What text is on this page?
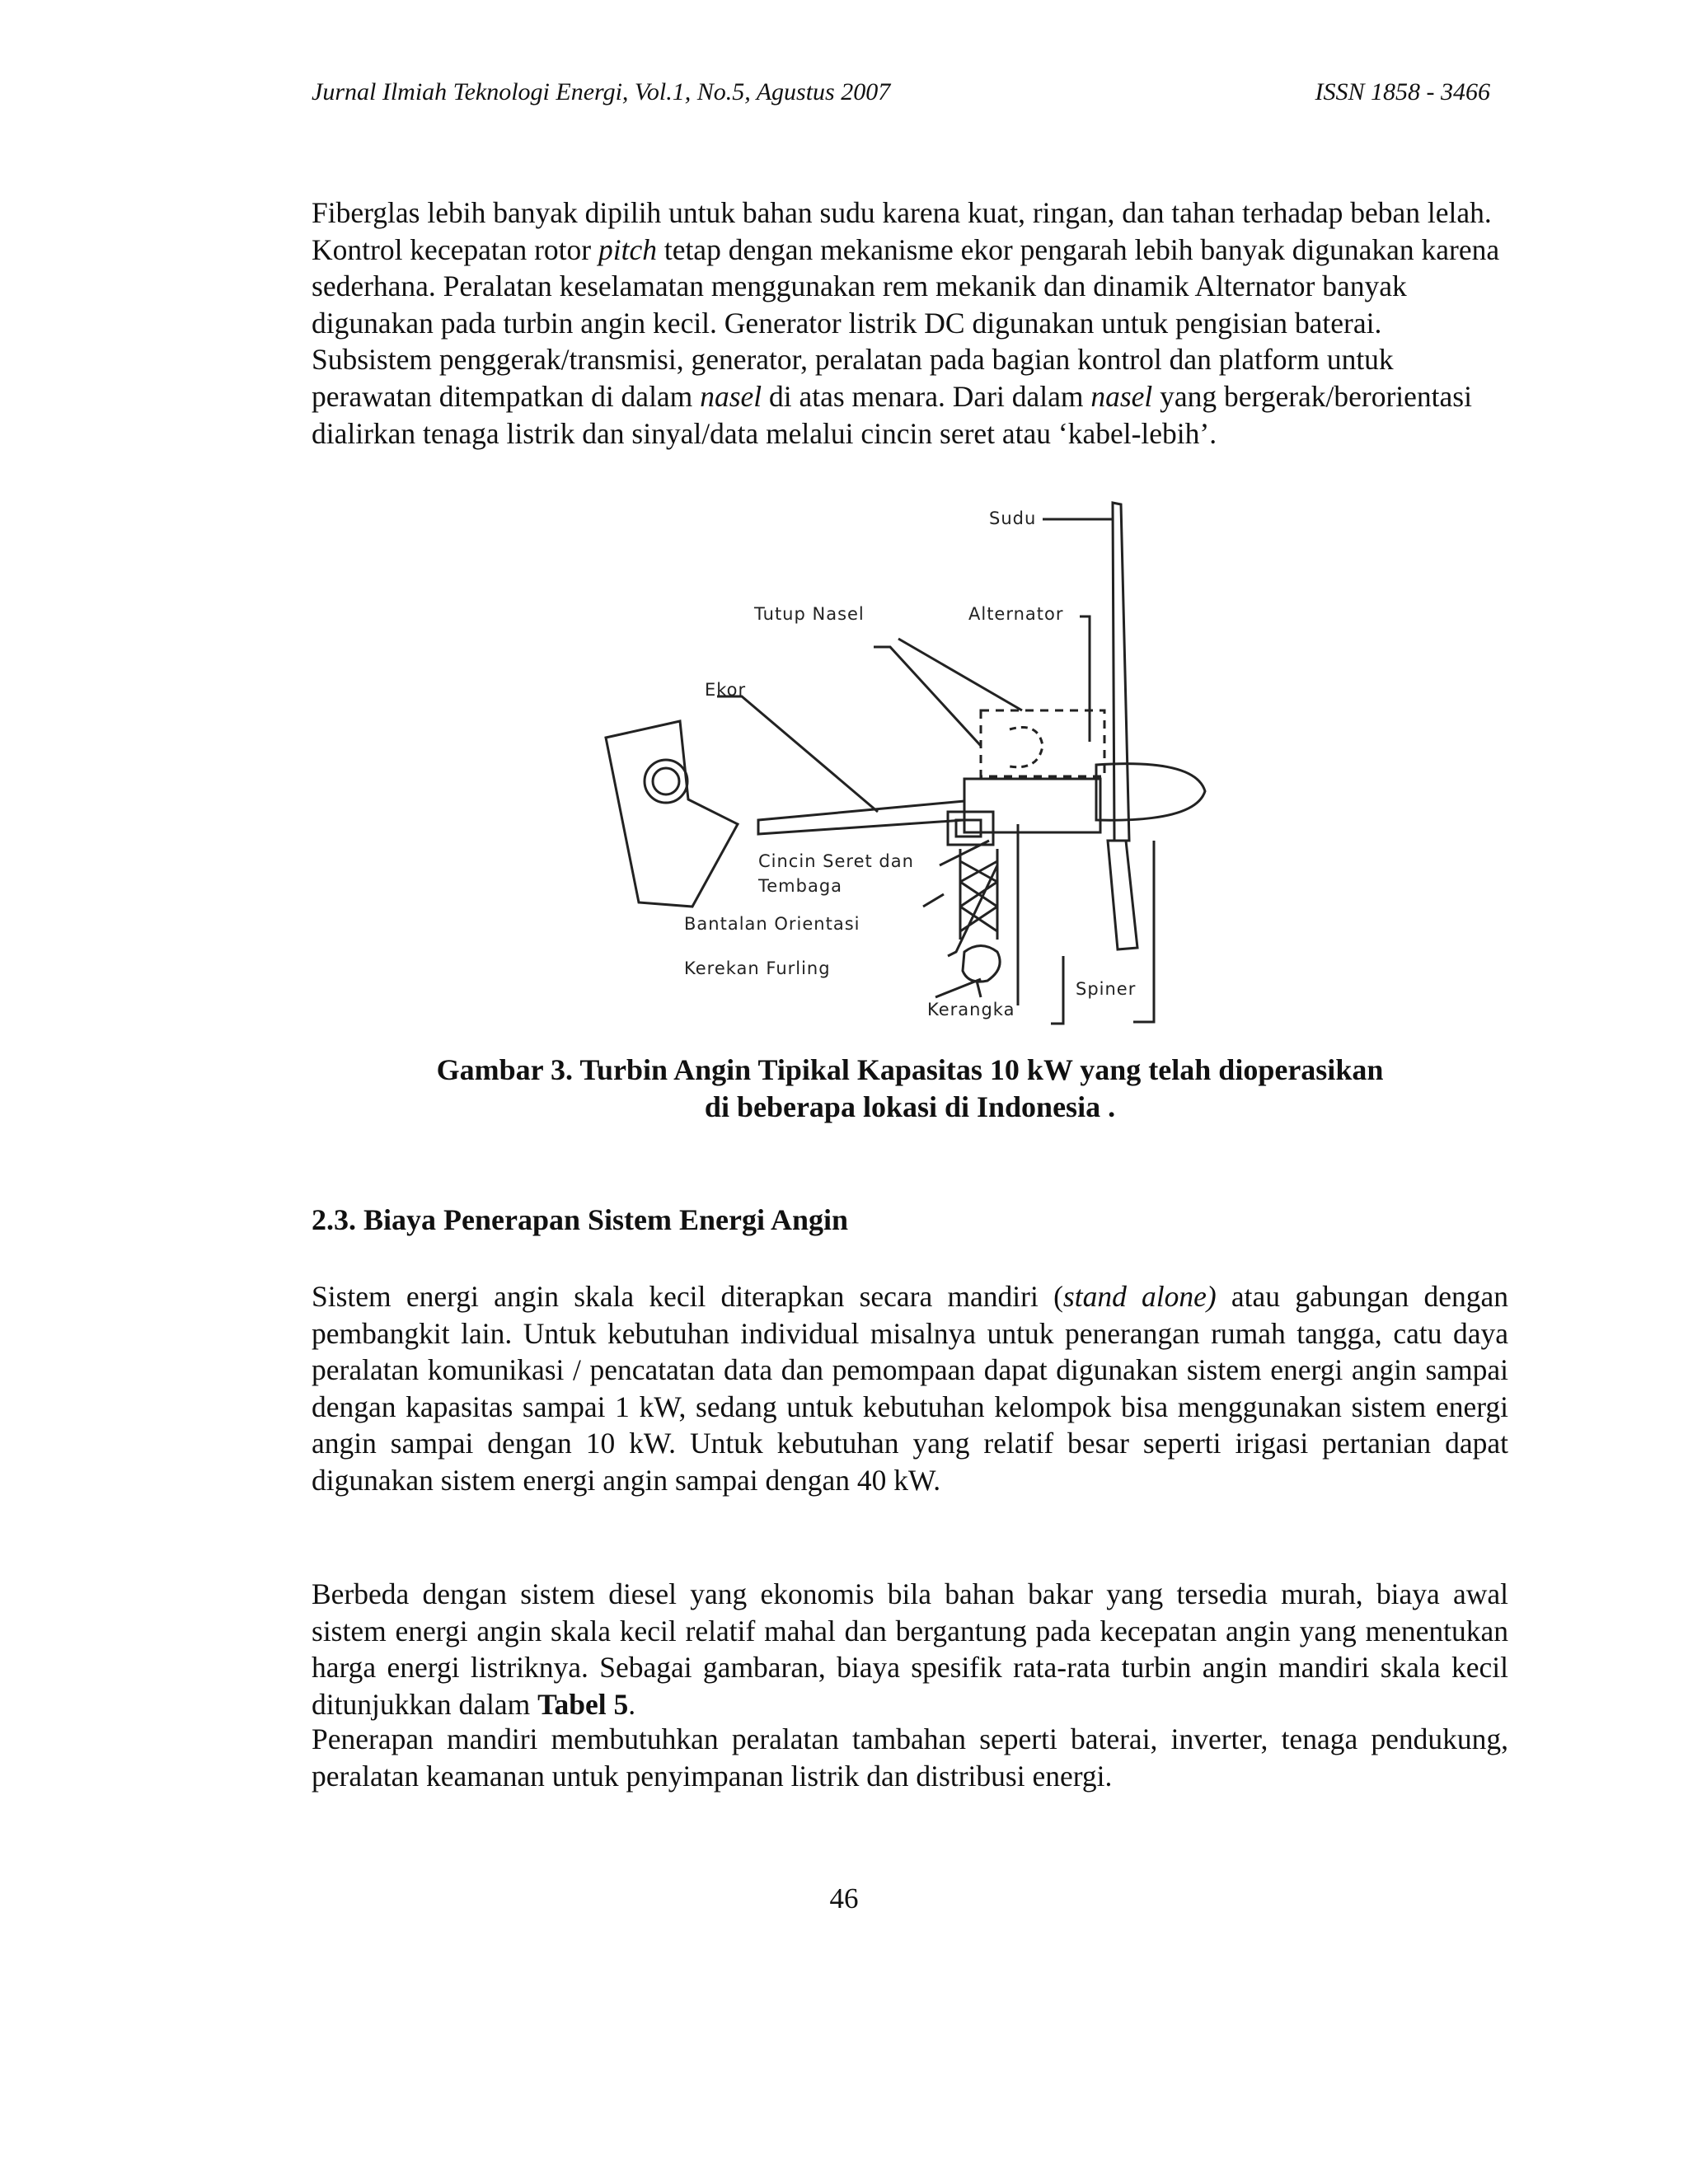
Jurnal Ilmiah Teknologi Energi, Vol.1, No.5, Agustus 2007	ISSN 1858 - 3466

Fiberglas lebih banyak dipilih untuk bahan sudu karena kuat, ringan, dan tahan terhadap beban lelah. Kontrol kecepatan rotor pitch tetap dengan mekanisme ekor pengarah lebih banyak digunakan karena sederhana. Peralatan keselamatan menggunakan rem mekanik dan dinamik Alternator banyak digunakan pada turbin angin kecil. Generator listrik DC digunakan untuk pengisian baterai. Subsistem penggerak/transmisi, generator, peralatan pada bagian kontrol dan platform untuk perawatan ditempatkan di dalam nasel di atas menara. Dari dalam nasel yang bergerak/berorientasi dialirkan tenaga listrik dan sinyal/data melalui cincin seret atau ‘kabel-lebih’.

Sudu
Tutup Nasel	Alternator
Ekor
Cincin Seret dan
Tembaga
Bantalan Orientasi
Kerekan Furling
Spiner
Kerangka
Gambar 3. Turbin Angin Tipikal Kapasitas 10 kW yang telah dioperasikan
di beberapa lokasi di Indonesia .
2.3. Biaya Penerapan Sistem Energi Angin

Sistem energi angin skala kecil diterapkan secara mandiri (stand alone) atau gabungan dengan pembangkit lain. Untuk kebutuhan individual misalnya untuk penerangan rumah tangga, catu daya peralatan komunikasi / pencatatan data dan pemompaan dapat digunakan sistem energi angin sampai dengan kapasitas sampai 1 kW, sedang untuk kebutuhan kelompok bisa menggunakan sistem energi angin sampai dengan 10 kW. Untuk kebutuhan yang relatif besar seperti irigasi pertanian dapat digunakan sistem energi angin sampai dengan 40 kW.

Berbeda dengan sistem diesel yang ekonomis bila bahan bakar yang tersedia murah, biaya awal sistem energi angin skala kecil relatif mahal dan bergantung pada kecepatan angin yang menentukan harga energi listriknya. Sebagai gambaran, biaya spesifik rata-rata turbin angin mandiri skala kecil ditunjukkan dalam Tabel 5.

Penerapan mandiri membutuhkan peralatan tambahan seperti baterai, inverter, tenaga pendukung, peralatan keamanan untuk penyimpanan listrik dan distribusi energi.

46
